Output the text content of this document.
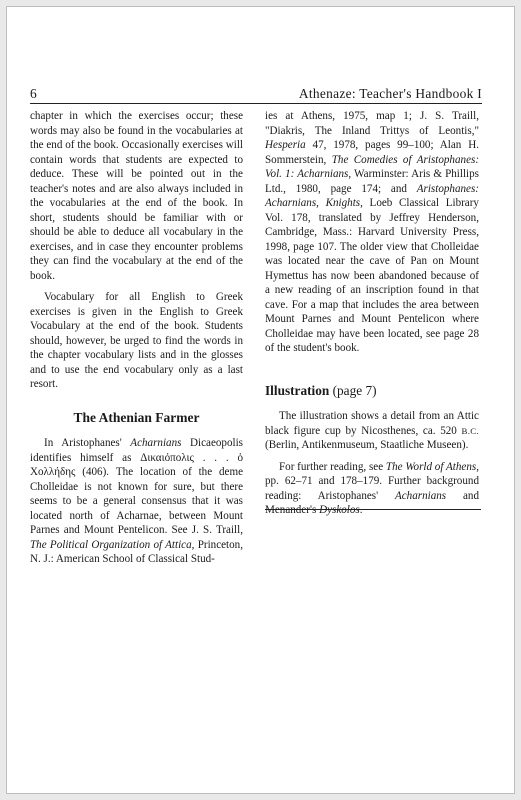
6	Athenaze: Teacher's Handbook I

chapter in which the exercises occur; these words may also be found in the vocabularies at the end of the book. Occasionally exercises will contain words that students are expected to deduce. These will be pointed out in the teacher's notes and are also always included in the vocabularies at the end of the book. In short, students should be familiar with or should be able to deduce all vocabulary in the exercises, and in case they encounter problems they can find the vocabulary at the end of the book.

Vocabulary for all English to Greek exercises is given in the English to Greek Vocabulary at the end of the book. Students should, however, be urged to find the words in the chapter vocabulary lists and in the glosses and to use the end vocabulary only as a last resort.

The Athenian Farmer

In Aristophanes' Acharnians Dicaeopolis identifies himself as Δικαιόπολις . . . ὁ Χολλήδης (406). The location of the deme Cholleidae is not known for sure, but there seems to be a general consensus that it was located north of Acharnae, between Mount Parnes and Mount Pentelicon. See J. S. Traill, The Political Organization of Attica, Princeton, N. J.: American School of Classical Stud-

ies at Athens, 1975, map 1; J. S. Traill, "Diakris, The Inland Trittys of Leontis," Hesperia 47, 1978, pages 99–100; Alan H. Sommerstein, The Comedies of Aristophanes: Vol. 1: Acharnians, Warminster: Aris & Phillips Ltd., 1980, page 174; and Aristophanes: Acharnians, Knights, Loeb Classical Library Vol. 178, translated by Jeffrey Henderson, Cambridge, Mass.: Harvard University Press, 1998, page 107. The older view that Cholleidae was located near the cave of Pan on Mount Hymettus has now been abandoned because of a new reading of an inscription found in that cave. For a map that includes the area between Mount Parnes and Mount Pentelicon where Cholleidae may have been located, see page 28 of the student's book.

Illustration (page 7)

The illustration shows a detail from an Attic black figure cup by Nicosthenes, ca. 520 B.C. (Berlin, Antikenmuseum, Staatliche Museen).

For further reading, see The World of Athens, pp. 62–71 and 178–179. Further background reading: Aristophanes' Acharnians and Menander's Dyskolos.
